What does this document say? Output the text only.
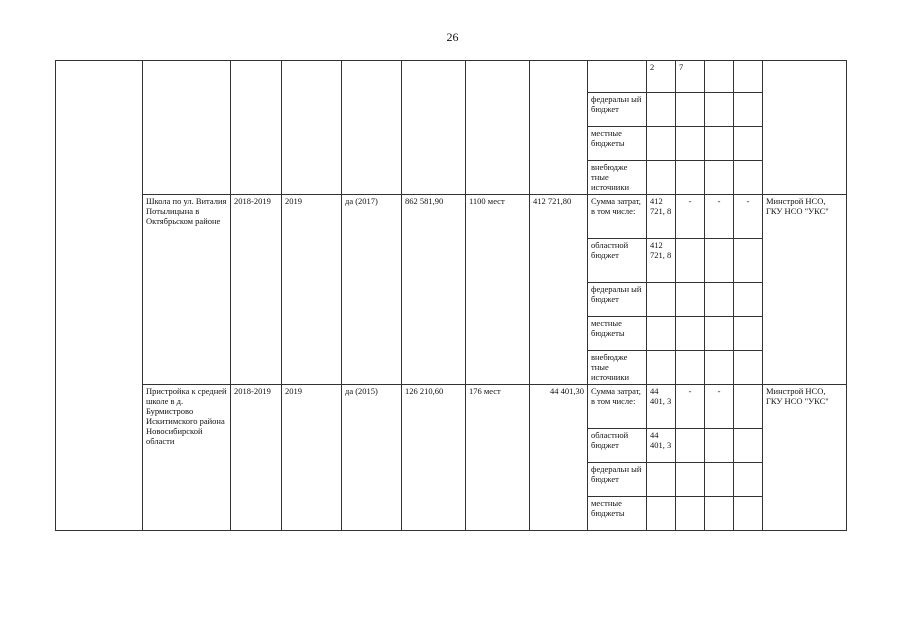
26
									2	7			
								федеральн ый бюджет					
								местные бюджеты					
								внебюдже тные источники					
	Школа по ул. Виталия Потылицына в Октябрьском районе	2018-2019	2019	да (2017)	862 581,90	1100 мест	412 721,80	Сумма затрат, в том числе:	412 721, 8	-	-	-	Минстрой НСО, ГКУ НСО "УКС"
								областной бюджет	412 721, 8				
								федеральн ый бюджет					
								местные бюджеты					
								внебюдже тные источники					
	Пристройка к средней школе в д. Бурмистрово Искитимского района Новосибирской области	2018-2019	2019	да (2015)	126 210,60	176 мест	44 401,30	Сумма затрат, в том числе:	44 401, 3	-	-		Минстрой НСО, ГКУ НСО "УКС"
								областной бюджет	44 401, 3				
								федеральн ый бюджет					
								местные бюджеты					
